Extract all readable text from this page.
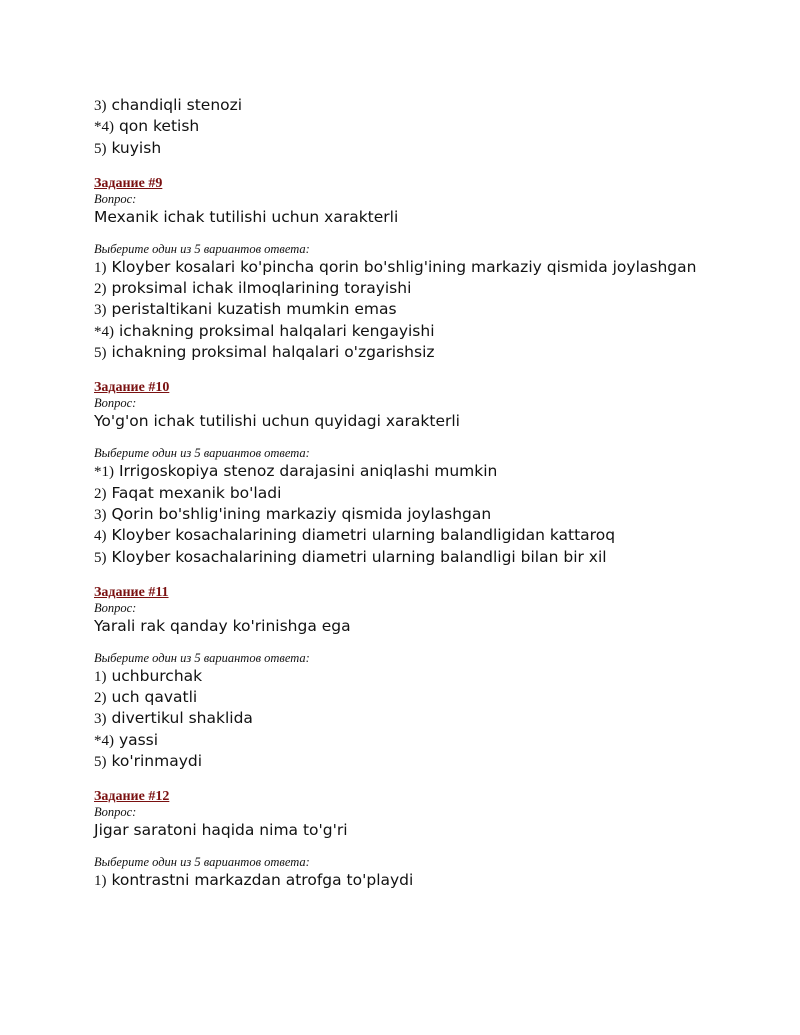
3) chandiqli stenozi
*4) qon ketish
5) kuyish
Задание #9
Вопрос:
Mexanik ichak tutilishi uchun xarakterli
Выберите один из 5 вариантов ответа:
1) Kloyber kosalari ko'pincha qorin bo'shlig'ining markaziy qismida joylashgan
2) proksimal ichak ilmoqlarining torayishi
3) peristaltikani kuzatish mumkin emas
*4) ichakning proksimal halqalari kengayishi
5) ichakning proksimal halqalari o'zgarishsiz
Задание #10
Вопрос:
Yo'g'on ichak tutilishi uchun quyidagi xarakterli
Выберите один из 5 вариантов ответа:
*1) Irrigoskopiya stenoz darajasini aniqlashi mumkin
2) Faqat mexanik bo'ladi
3) Qorin bo'shlig'ining markaziy qismida joylashgan
4) Kloyber kosachalarining diametri ularning balandligidan kattaroq
5) Kloyber kosachalarining diametri ularning balandligi bilan bir xil
Задание #11
Вопрос:
Yarali rak qanday ko'rinishga ega
Выберите один из 5 вариантов ответа:
1) uchburchak
2) uch qavatli
3) divertikul shaklida
*4) yassi
5) ko'rinmaydi
Задание #12
Вопрос:
Jigar saratoni haqida nima to'g'ri
Выберите один из 5 вариантов ответа:
1) kontrastni markazdan atrofga to'playdi
